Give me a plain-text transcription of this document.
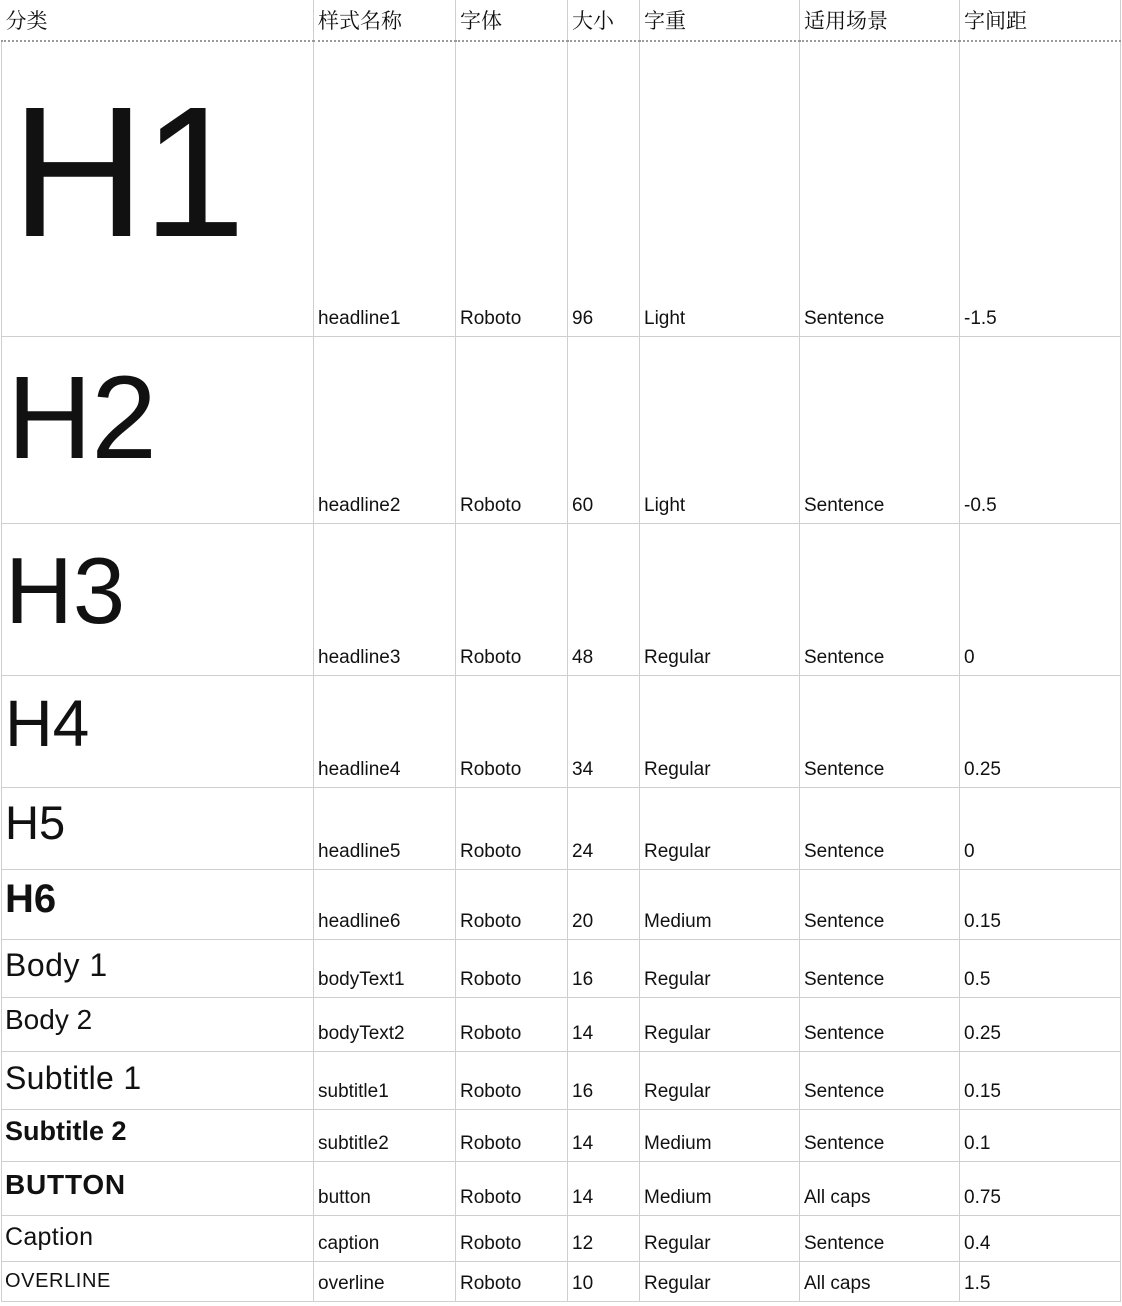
分类	样式名称	字体	大小	字重	适用场景	字间距

H1	headline1	Roboto	96	Light	Sentence	-1.5

H2	headline2	Roboto	60	Light	Sentence	-0.5

H3	headline3	Roboto	48	Regular	Sentence	0

H4	headline4	Roboto	34	Regular	Sentence	0.25

H5	headline5	Roboto	24	Regular	Sentence	0

H6	headline6	Roboto	20	Medium	Sentence	0.15

Body 1	bodyText1	Roboto	16	Regular	Sentence	0.5

Body 2	bodyText2	Roboto	14	Regular	Sentence	0.25

Subtitle 1	subtitle1	Roboto	16	Regular	Sentence	0.15

Subtitle 2	subtitle2	Roboto	14	Medium	Sentence	0.1

BUTTON	button	Roboto	14	Medium	All caps	0.75

Caption	caption	Roboto	12	Regular	Sentence	0.4

OVERLINE	overline	Roboto	10	Regular	All caps	1.5
